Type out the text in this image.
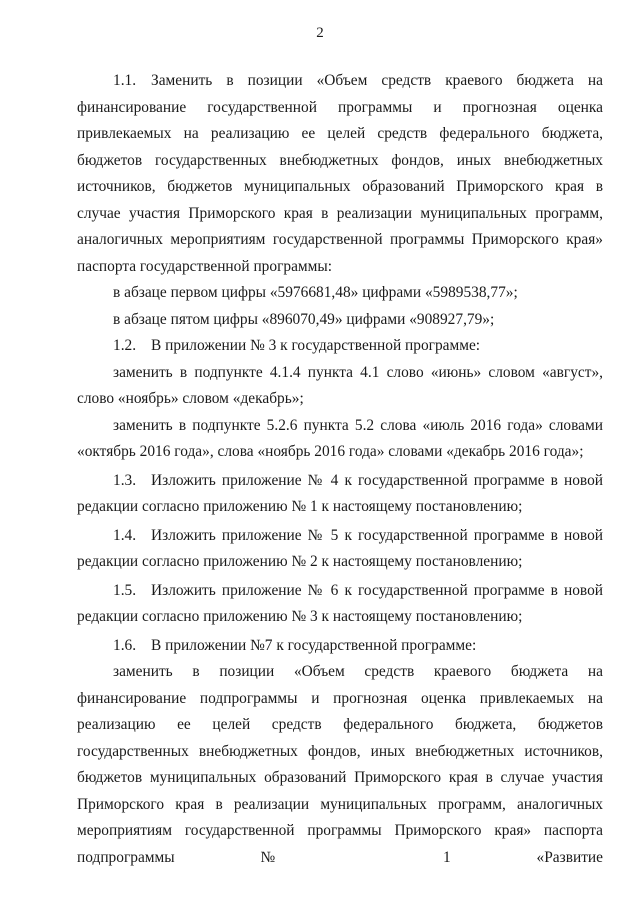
2

1.1. Заменить в позиции «Объем средств краевого бюджета на финансирование государственной программы и прогнозная оценка привлекаемых на реализацию ее целей средств федерального бюджета, бюджетов государственных внебюджетных фондов, иных внебюджетных источников, бюджетов муниципальных образований Приморского края в случае участия Приморского края в реализации муниципальных программ, аналогичных мероприятиям государственной программы Приморского края» паспорта государственной программы:

в абзаце первом цифры «5976681,48» цифрами «5989538,77»;

в абзаце пятом цифры «896070,49» цифрами «908927,79»;

1.2. В приложении № 3 к государственной программе:

заменить в подпункте 4.1.4 пункта 4.1 слово «июнь» словом «август», слово «ноябрь» словом «декабрь»;

заменить в подпункте 5.2.6 пункта 5.2 слова «июль 2016 года» словами «октябрь 2016 года», слова «ноябрь 2016 года» словами «декабрь 2016 года»;

1.3. Изложить приложение № 4 к государственной программе в новой редакции согласно приложению № 1 к настоящему постановлению;

1.4. Изложить приложение № 5 к государственной программе в новой редакции согласно приложению № 2 к настоящему постановлению;

1.5. Изложить приложение № 6 к государственной программе в новой редакции согласно приложению № 3 к настоящему постановлению;

1.6. В приложении №7 к государственной программе:

заменить в позиции «Объем средств краевого бюджета на финансирование подпрограммы и прогнозная оценка привлекаемых на реализацию ее целей средств федерального бюджета, бюджетов государственных внебюджетных фондов, иных внебюджетных источников, бюджетов муниципальных образований Приморского края в случае участия Приморского края в реализации муниципальных программ, аналогичных мероприятиям государственной программы Приморского края» паспорта подпрограммы № 1 «Развитие
